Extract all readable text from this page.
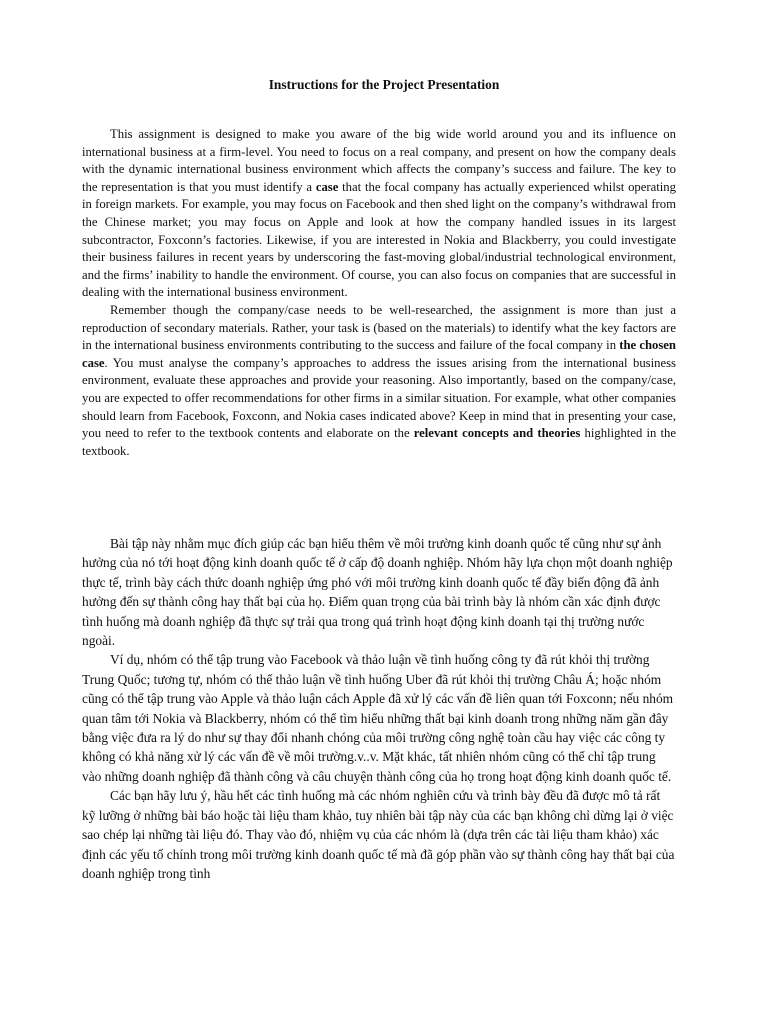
Instructions for the Project Presentation

This assignment is designed to make you aware of the big wide world around you and its influence on international business at a firm-level. You need to focus on a real company, and present on how the company deals with the dynamic international business environment which affects the company’s success and failure. The key to the representation is that you must identify a case that the focal company has actually experienced whilst operating in foreign markets. For example, you may focus on Facebook and then shed light on the company’s withdrawal from the Chinese market; you may focus on Apple and look at how the company handled issues in its largest subcontractor, Foxconn’s factories. Likewise, if you are interested in Nokia and Blackberry, you could investigate their business failures in recent years by underscoring the fast-moving global/industrial technological environment, and the firms’ inability to handle the environment. Of course, you can also focus on companies that are successful in dealing with the international business environment.

Remember though the company/case needs to be well-researched, the assignment is more than just a reproduction of secondary materials. Rather, your task is (based on the materials) to identify what the key factors are in the international business environments contributing to the success and failure of the focal company in the chosen case. You must analyse the company’s approaches to address the issues arising from the international business environment, evaluate these approaches and provide your reasoning. Also importantly, based on the company/case, you are expected to offer recommendations for other firms in a similar situation. For example, what other companies should learn from Facebook, Foxconn, and Nokia cases indicated above? Keep in mind that in presenting your case, you need to refer to the textbook contents and elaborate on the relevant concepts and theories highlighted in the textbook.

Bài tập này nhằm mục đích giúp các bạn hiểu thêm về môi trường kinh doanh quốc tế cũng như sự ảnh hưởng của nó tới hoạt động kinh doanh quốc tế ở cấp độ doanh nghiệp. Nhóm hãy lựa chọn một doanh nghiệp thực tế, trình bày cách thức doanh nghiệp ứng phó với môi trường kinh doanh quốc tế đầy biến động đã ảnh hưởng đến sự thành công hay thất bại của họ. Điểm quan trọng của bài trình bày là nhóm cần xác định được tình huống mà doanh nghiệp đã thực sự trải qua trong quá trình hoạt động kinh doanh tại thị trường nước ngoài.

Ví dụ, nhóm có thể tập trung vào Facebook và thảo luận về tình huống công ty đã rút khỏi thị trường Trung Quốc; tương tự, nhóm có thể thảo luận về tình huống Uber đã rút khỏi thị trường Châu Á; hoặc nhóm cũng có thể tập trung vào Apple và thảo luận cách Apple đã xử lý các vấn đề liên quan tới Foxconn; nếu nhóm quan tâm tới Nokia và Blackberry, nhóm có thể tìm hiểu những thất bại kinh doanh trong những năm gần đây bằng việc đưa ra lý do như sự thay đổi nhanh chóng của môi trường công nghệ toàn cầu hay việc các công ty không có khả năng xử lý các vấn đề về môi trường.v..v. Mặt khác, tất nhiên nhóm cũng có thể chỉ tập trung vào những doanh nghiệp đã thành công và câu chuyện thành công của họ trong hoạt động kinh doanh quốc tế.

Các bạn hãy lưu ý, hầu hết các tình huống mà các nhóm nghiên cứu và trình bày đều đã được mô tả rất kỹ lưỡng ở những bài báo hoặc tài liệu tham khảo, tuy nhiên bài tập này của các bạn không chỉ dừng lại ở việc sao chép lại những tài liệu đó. Thay vào đó, nhiệm vụ của các nhóm là (dựa trên các tài liệu tham khảo) xác định các yếu tố chính trong môi trường kinh doanh quốc tế mà đã góp phần vào sự thành công hay thất bại của doanh nghiệp trong tình
